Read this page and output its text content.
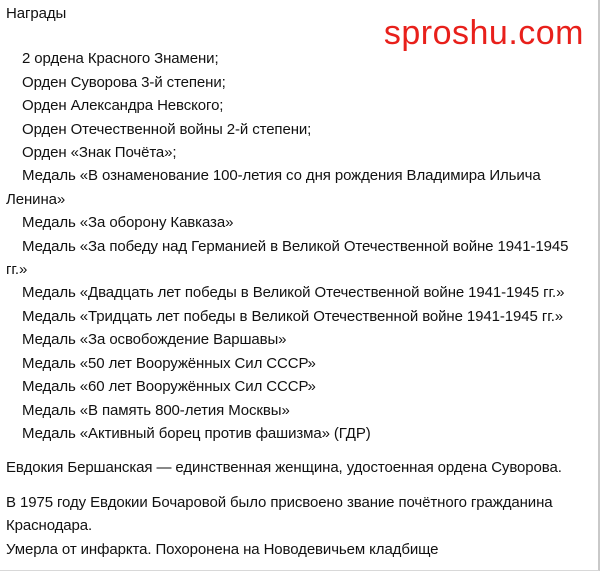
Награды
2 ордена Красного Знамени;
Орден Суворова 3-й степени;
Орден Александра Невского;
Орден Отечественной войны 2-й степени;
Орден «Знак Почёта»;
Медаль «В ознаменование 100-летия со дня рождения Владимира Ильича Ленина»
Медаль «За оборону Кавказа»
Медаль «За победу над Германией в Великой Отечественной войне 1941-1945 гг.»
Медаль «Двадцать лет победы в Великой Отечественной войне 1941-1945 гг.»
Медаль «Тридцать лет победы в Великой Отечественной войне 1941-1945 гг.»
Медаль «За освобождение Варшавы»
Медаль «50 лет Вооружённых Сил СССР»
Медаль «60 лет Вооружённых Сил СССР»
Медаль «В память 800-летия Москвы»
Медаль «Активный борец против фашизма» (ГДР)

Евдокия Бершанская — единственная женщина, удостоенная ордена Суворова.

В 1975 году Евдокии Бочаровой было присвоено звание почётного гражданина Краснодара.

Умерла от инфаркта. Похоронена на Новодевичьем кладбище

sproshu.com
